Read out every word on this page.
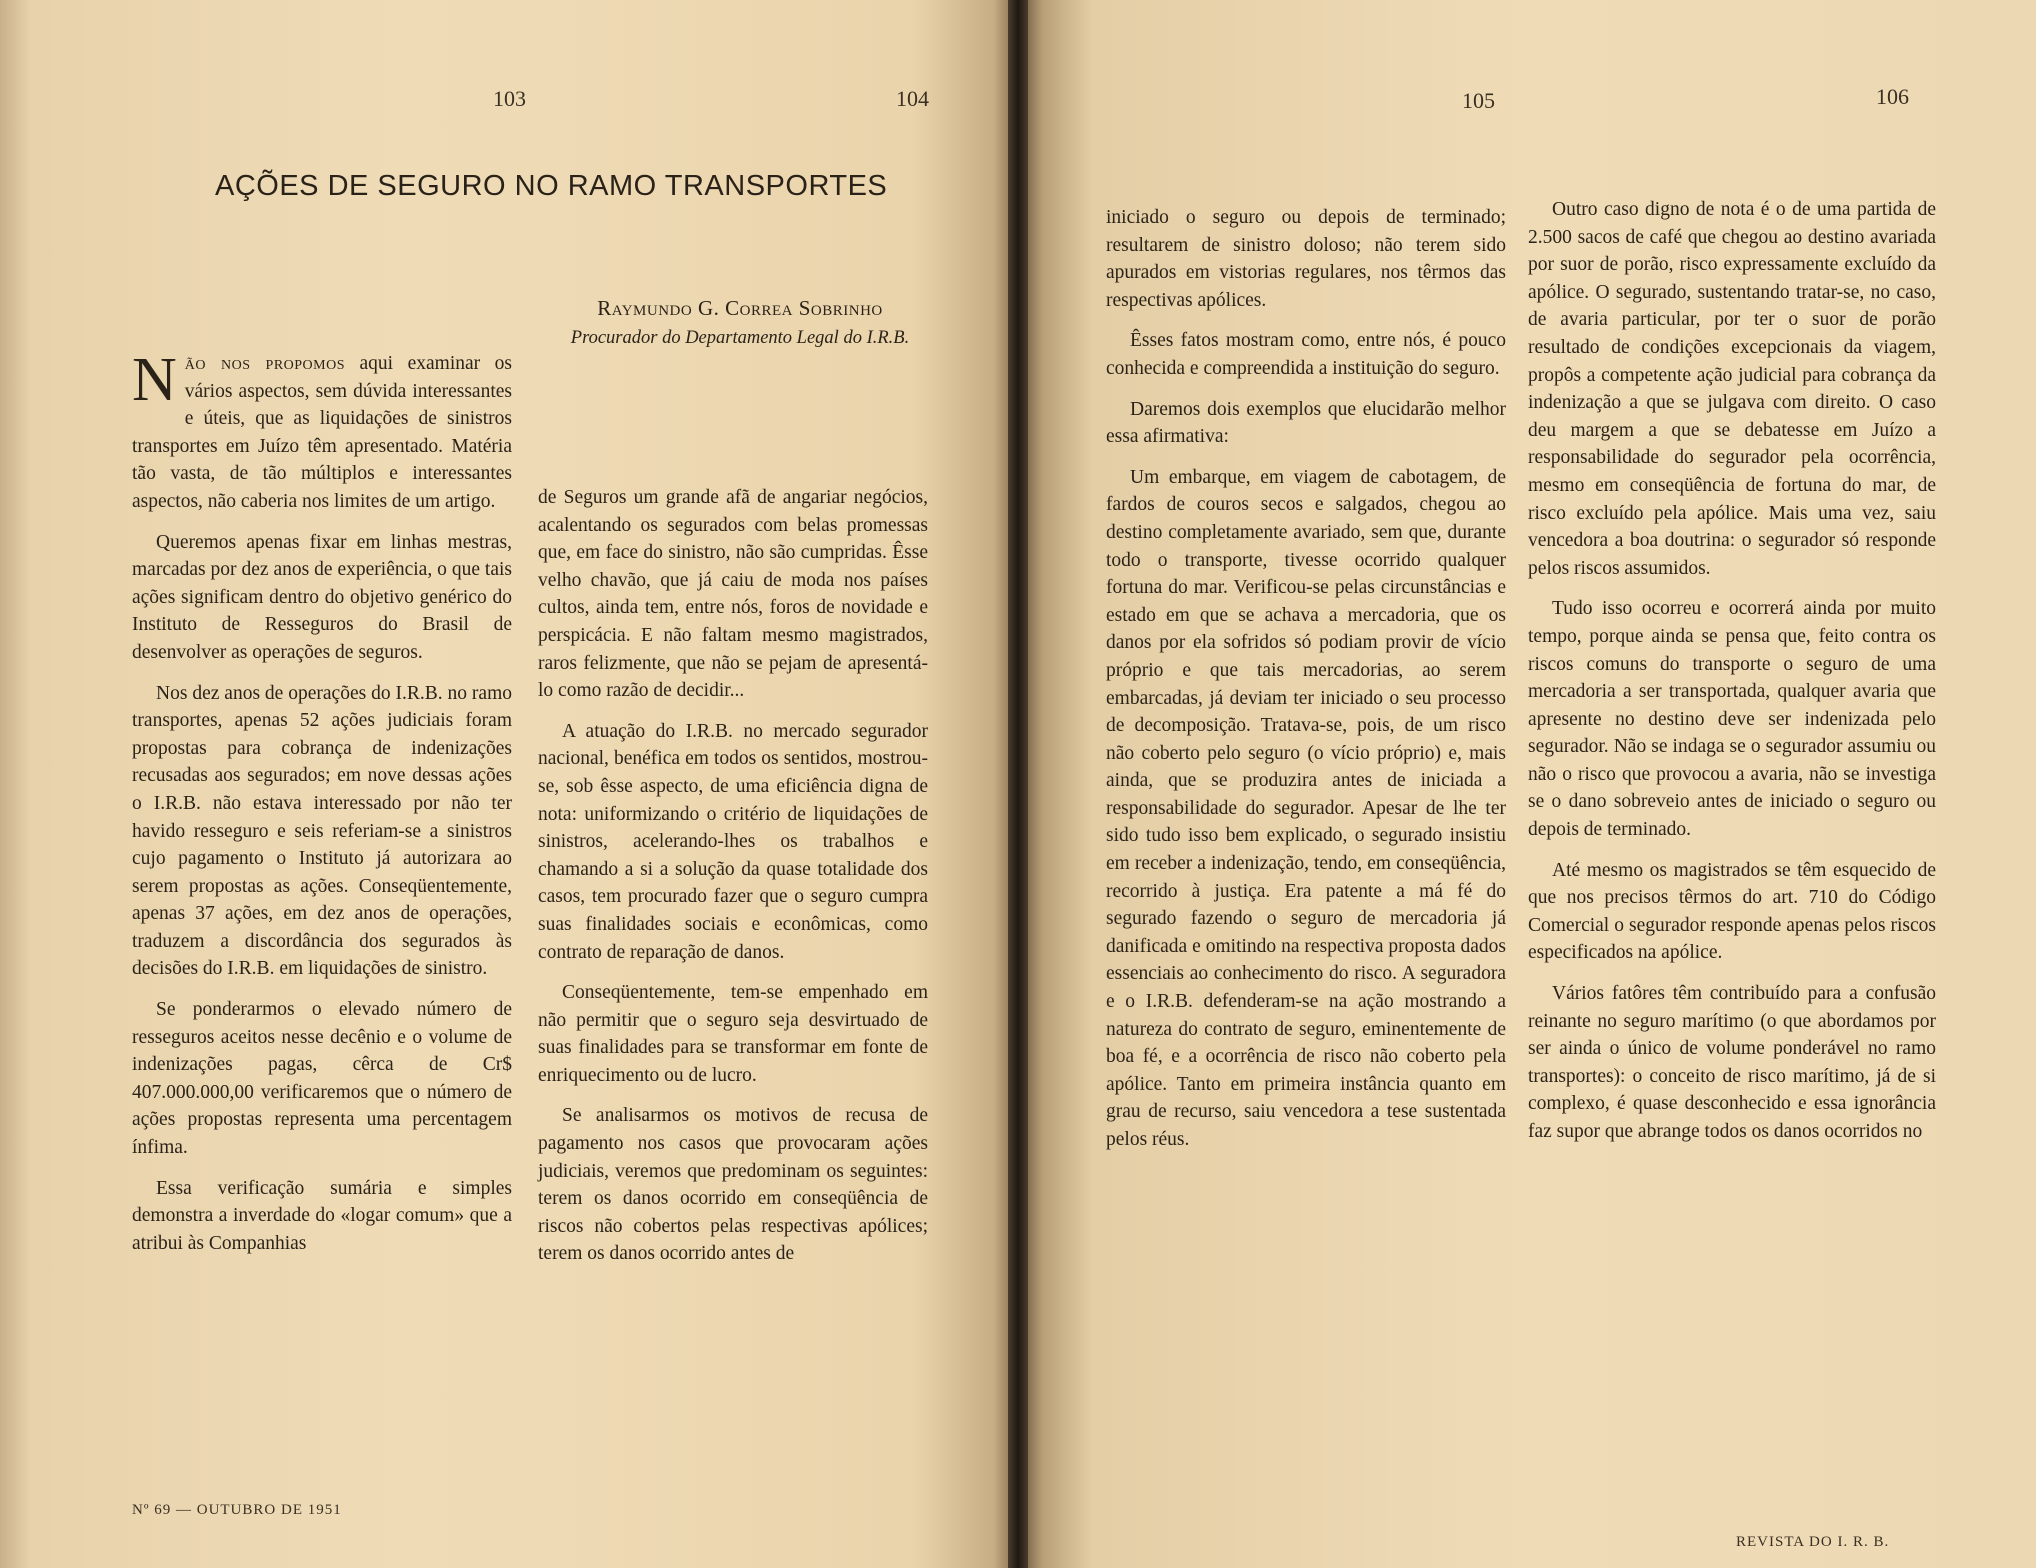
103	104	105	106
AÇÕES DE SEGURO NO RAMO TRANSPORTES
Raymundo G. Correa Sobrinho
Procurador do Departamento Legal do I.R.B.

Não nos propomos aqui examinar os vários aspectos, sem dúvida interessantes e úteis, que as liquidações de sinistros transportes em Juízo têm apresentado. Matéria tão vasta, de tão múltiplos e interessantes aspectos, não caberia nos limites de um artigo.

Queremos apenas fixar em linhas mestras, marcadas por dez anos de experiência, o que tais ações significam dentro do objetivo genérico do Instituto de Resseguros do Brasil de desenvolver as operações de seguros.

Nos dez anos de operações do I.R.B. no ramo transportes, apenas 52 ações judiciais foram propostas para cobrança de indenizações recusadas aos segurados; em nove dessas ações o I.R.B. não estava interessado por não ter havido resseguro e seis referiam-se a sinistros cujo pagamento o Instituto já autorizara ao serem propostas as ações. Conseqüentemente, apenas 37 ações, em dez anos de operações, traduzem a discordância dos segurados às decisões do I.R.B. em liquidações de sinistro.

Se ponderarmos o elevado número de resseguros aceitos nesse decênio e o volume de indenizações pagas, cêrca de Cr$ 407.000.000,00 verificaremos que o número de ações propostas representa uma percentagem ínfima.

Essa verificação sumária e simples demonstra a inverdade do «logar comum» que a atribui às Companhias

de Seguros um grande afã de angariar negócios, acalentando os segurados com belas promessas que, em face do sinistro, não são cumpridas. Êsse velho chavão, que já caiu de moda nos países cultos, ainda tem, entre nós, foros de novidade e perspicácia. E não faltam mesmo magistrados, raros felizmente, que não se pejam de apresentá-lo como razão de decidir...

A atuação do I.R.B. no mercado segurador nacional, benéfica em todos os sentidos, mostrou-se, sob êsse aspecto, de uma eficiência digna de nota: uniformizando o critério de liquidações de sinistros, acelerando-lhes os trabalhos e chamando a si a solução da quase totalidade dos casos, tem procurado fazer que o seguro cumpra suas finalidades sociais e econômicas, como contrato de reparação de danos.

Conseqüentemente, tem-se empenhado em não permitir que o seguro seja desvirtuado de suas finalidades para se transformar em fonte de enriquecimento ou de lucro.

Se analisarmos os motivos de recusa de pagamento nos casos que provocaram ações judiciais, veremos que predominam os seguintes: terem os danos ocorrido em conseqüência de riscos não cobertos pelas respectivas apólices; terem os danos ocorrido antes de

iniciado o seguro ou depois de terminado; resultarem de sinistro doloso; não terem sido apurados em vistorias regulares, nos têrmos das respectivas apólices.

Êsses fatos mostram como, entre nós, é pouco conhecida e compreendida a instituição do seguro.

Daremos dois exemplos que elucidarão melhor essa afirmativa:

Um embarque, em viagem de cabotagem, de fardos de couros secos e salgados, chegou ao destino completamente avariado, sem que, durante todo o transporte, tivesse ocorrido qualquer fortuna do mar. Verificou-se pelas circunstâncias e estado em que se achava a mercadoria, que os danos por ela sofridos só podiam provir de vício próprio e que tais mercadorias, ao serem embarcadas, já deviam ter iniciado o seu processo de decomposição. Tratava-se, pois, de um risco não coberto pelo seguro (o vício próprio) e, mais ainda, que se produzira antes de iniciada a responsabilidade do segurador. Apesar de lhe ter sido tudo isso bem explicado, o segurado insistiu em receber a indenização, tendo, em conseqüência, recorrido à justiça. Era patente a má fé do segurado fazendo o seguro de mercadoria já danificada e omitindo na respectiva proposta dados essenciais ao conhecimento do risco. A seguradora e o I.R.B. defenderam-se na ação mostrando a natureza do contrato de seguro, eminentemente de boa fé, e a ocorrência de risco não coberto pela apólice. Tanto em primeira instância quanto em grau de recurso, saiu vencedora a tese sustentada pelos réus.

Outro caso digno de nota é o de uma partida de 2.500 sacos de café que chegou ao destino avariada por suor de porão, risco expressamente excluído da apólice. O segurado, sustentando tratar-se, no caso, de avaria particular, por ter o suor de porão resultado de condições excepcionais da viagem, propôs a competente ação judicial para cobrança da indenização a que se julgava com direito. O caso deu margem a que se debatesse em Juízo a responsabilidade do segurador pela ocorrência, mesmo em conseqüência de fortuna do mar, de risco excluído pela apólice. Mais uma vez, saiu vencedora a boa doutrina: o segurador só responde pelos riscos assumidos.

Tudo isso ocorreu e ocorrerá ainda por muito tempo, porque ainda se pensa que, feito contra os riscos comuns do transporte o seguro de uma mercadoria a ser transportada, qualquer avaria que apresente no destino deve ser indenizada pelo segurador. Não se indaga se o segurador assumiu ou não o risco que provocou a avaria, não se investiga se o dano sobreveio antes de iniciado o seguro ou depois de terminado.

Até mesmo os magistrados se têm esquecido de que nos precisos têrmos do art. 710 do Código Comercial o segurador responde apenas pelos riscos especificados na apólice.

Vários fatôres têm contribuído para a confusão reinante no seguro marítimo (o que abordamos por ser ainda o único de volume ponderável no ramo transportes): o conceito de risco marítimo, já de si complexo, é quase desconhecido e essa ignorância faz supor que abrange todos os danos ocorridos no

Nº 69 — OUTUBRO DE 1951
REVISTA DO I. R. B.
